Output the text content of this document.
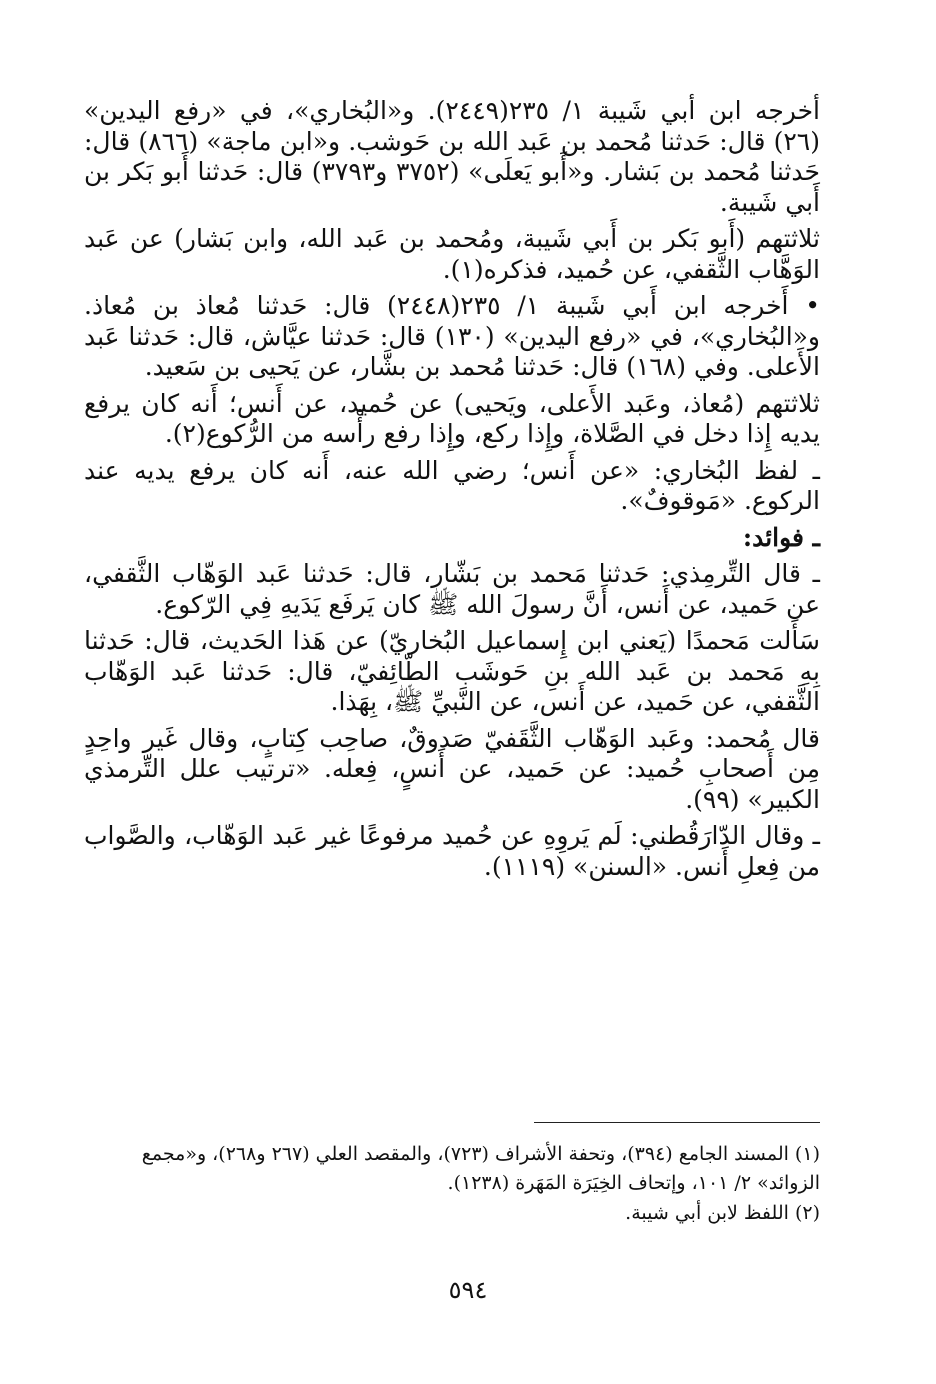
أخرجه ابن أبي شَيبة ١/ ٢٣٥(٢٤٤٩). و«البُخاري»، في «رفع اليدين» (٢٦) قال: حَدثنا مُحمد بن عَبد الله بن حَوشب. و«ابن ماجة» (٨٦٦) قال: حَدثنا مُحمد بن بَشار. و«أَبو يَعلَى» (٣٧٥٢ و٣٧٩٣) قال: حَدثنا أَبو بَكر بن أَبي شَيبة.

ثلاثتهم (أَبو بَكر بن أَبي شَيبة، ومُحمد بن عَبد الله، وابن بَشار) عن عَبد الوَهَّاب الثَّقفي، عن حُميد، فذكره(١).

• أَخرجه ابن أَبي شَيبة ١/ ٢٣٥(٢٤٤٨) قال: حَدثنا مُعاذ بن مُعاذ. و«البُخاري»، في «رفع اليدين» (١٣٠) قال: حَدثنا عيَّاش، قال: حَدثنا عَبد الأَعلى. وفي (١٦٨) قال: حَدثنا مُحمد بن بشَّار، عن يَحيى بن سَعيد.

ثلاثتهم (مُعاذ، وعَبد الأَعلى، ويَحيى) عن حُميد، عن أَنس؛ أَنه كان يرفع يديه إِذا دخل في الصَّلاة، وإِذا ركع، وإِذا رفع رأْسه من الرُّكوع(٢).

ـ لفظ البُخاري: «عن أَنس؛ رضي الله عنه، أَنه كان يرفع يديه عند الركوع. «مَوقوفٌ».

ـ فوائد:

ـ قال التِّرمِذي: حَدثنا مَحمد بن بَشّار، قال: حَدثنا عَبد الوَهّاب الثَّقفي، عن حَميد، عن أَنس، أَنَّ رسولَ الله ﷺ كان يَرفَع يَدَيهِ فِي الرّكوع.

سَأَلت مَحمدًا (يَعني ابن إِسماعيل البُخاريّ) عن هَذا الحَديث، قال: حَدثنا بِهِ مَحمد بن عَبد الله بنِ حَوشَب الطّائِفيّ، قال: حَدثنا عَبد الوَهّاب الثَّقفي، عن حَميد، عن أَنس، عن النَّبيِّ ﷺ، بِهَذا.

قال مُحمد: وعَبد الوَهّاب الثَّقَفيّ صَدوقٌ، صاحِب كِتابٍ، وقال غَير واحِدٍ مِن أَصحابِ حُميد: عن حَميد، عن أَنسٍ، فِعله. «ترتيب علل التِّرمذي الكبير» (٩٩).

ـ وقال الدّارَقُطني: لَم يَروِهِ عن حُميد مرفوعًا غير عَبد الوَهّاب، والصَّواب من فِعلِ أَنس. «السنن» (١١١٩).

(١) المسند الجامع (٣٩٤)، وتحفة الأشراف (٧٢٣)، والمقصد العلي (٢٦٧ و٢٦٨)، و«مجمع الزوائد» ٢/ ١٠١، وإتحاف الخِيَرَة المَهَرة (١٢٣٨).

(٢) اللفظ لابن أبي شيبة.

٥٩٤
